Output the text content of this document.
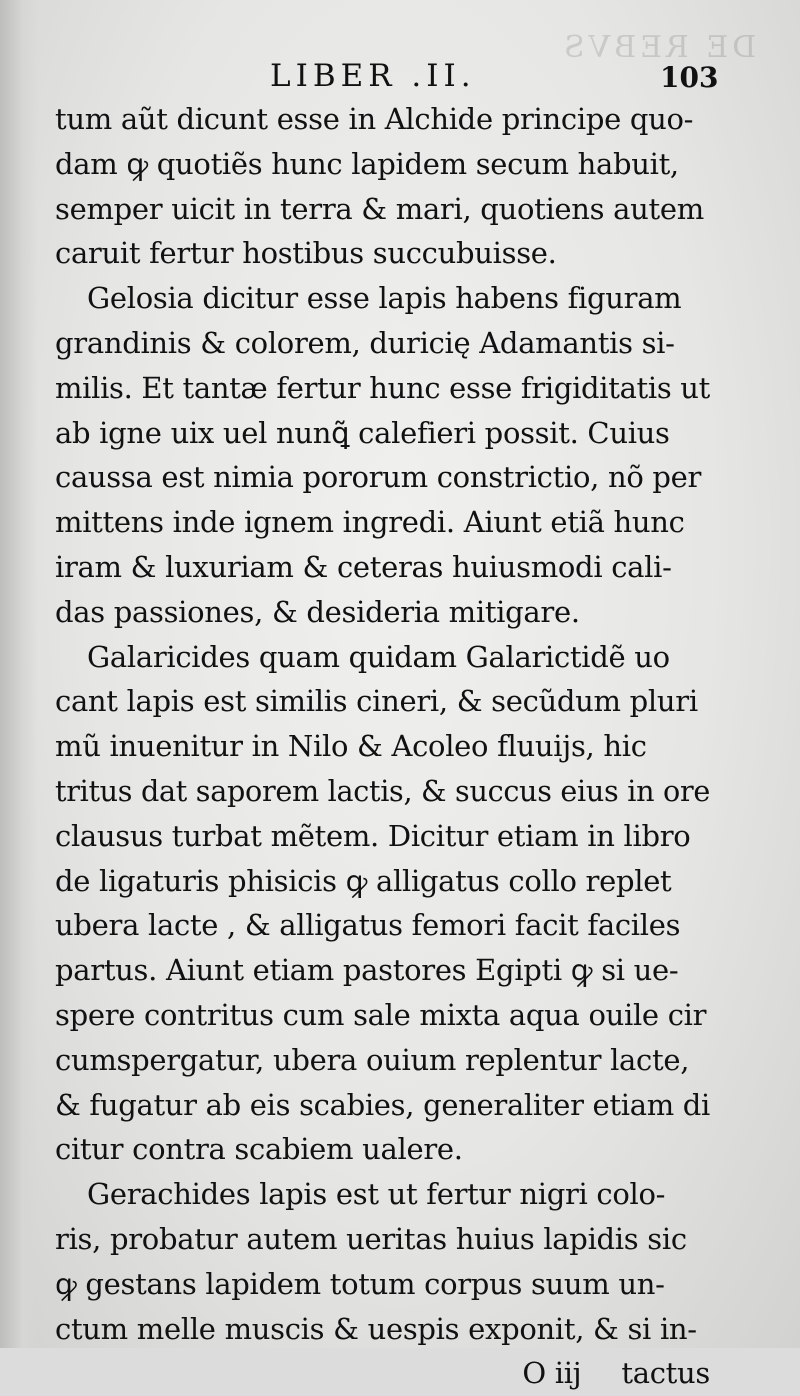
DE REBVS
LIBER .II.	103
tum aũt dicunt esse in Alchide principe quo-
dam ꝙ quotiẽs hunc lapidem secum habuit,
semper uicit in terra & mari, quotiens autem
caruit fertur hostibus succubuisse.
Gelosia dicitur esse lapis habens figuram
grandinis & colorem, duricię Adamantis si-
milis. Et tantæ fertur hunc esse frigiditatis ut
ab igne uix uel nunꝗ̃ calefieri possit. Cuius
caussa est nimia pororum constrictio, nõ per
mittens inde ignem ingredi. Aiunt etiã hunc
iram & luxuriam & ceteras huiusmodi cali-
das passiones, & desideria mitigare.
Galaricides quam quidam Galarictidẽ uo
cant lapis est similis cineri, & secũdum pluri
mũ inuenitur in Nilo & Acoleo fluuijs, hic
tritus dat saporem lactis, & succus eius in ore
clausus turbat mẽtem. Dicitur etiam in libro
de ligaturis phisicis ꝙ alligatus collo replet
ubera lacte , & alligatus femori facit faciles
partus. Aiunt etiam pastores Egipti ꝙ si ue-
spere contritus cum sale mixta aqua ouile cir
cumspergatur, ubera ouium replentur lacte,
& fugatur ab eis scabies, generaliter etiam di
citur contra scabiem ualere.
Gerachides lapis est ut fertur nigri colo-
ris, probatur autem ueritas huius lapidis sic
ꝙ gestans lapidem totum corpus suum un-
ctum melle muscis & uespis exponit, & si in-
O iij tactus
